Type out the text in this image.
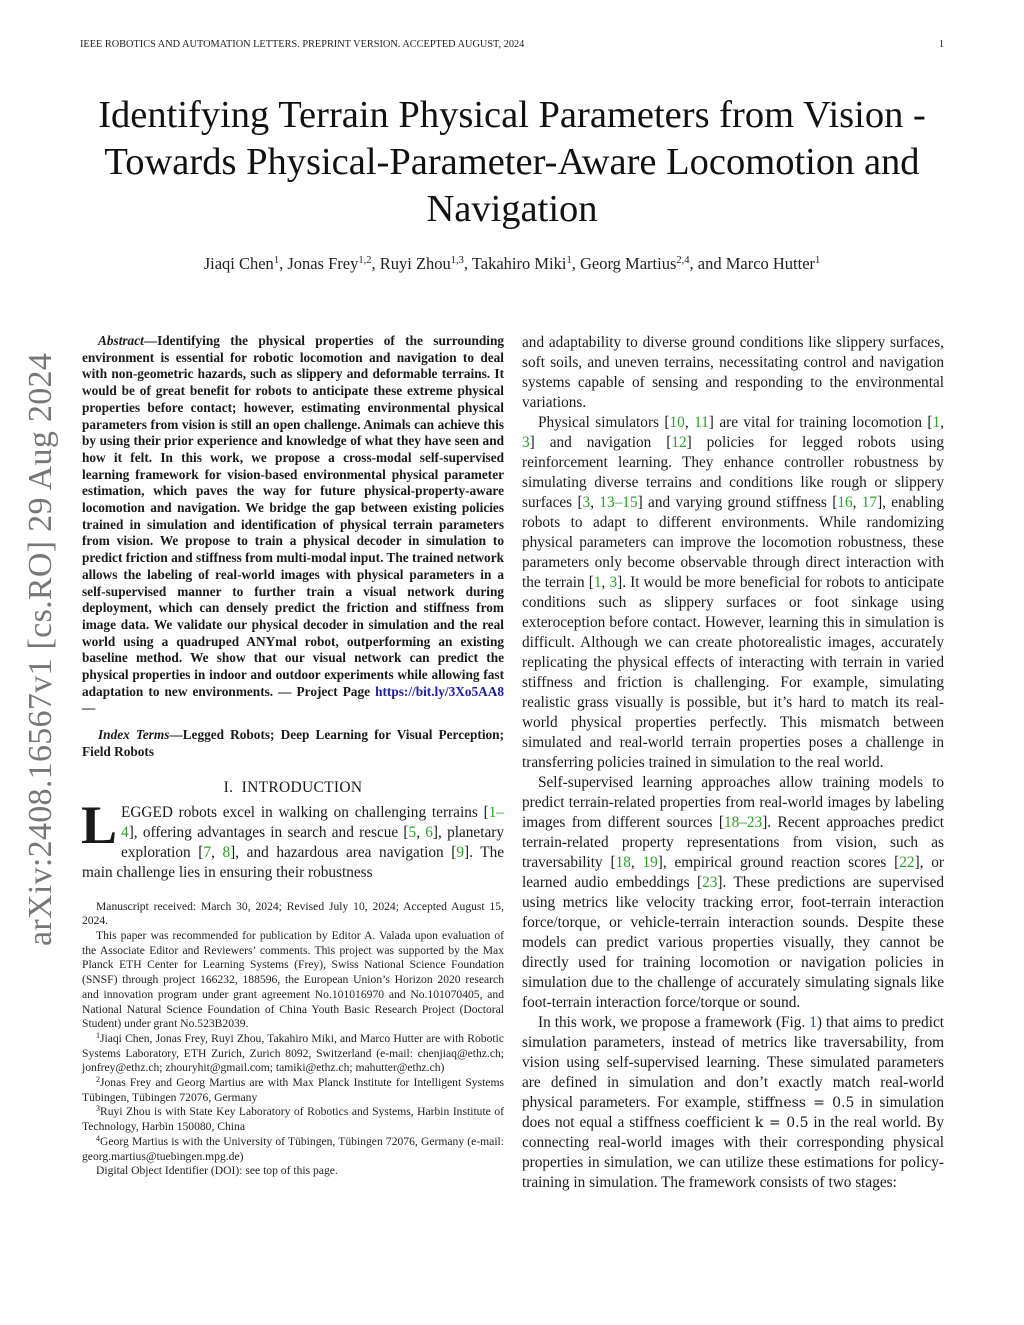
IEEE ROBOTICS AND AUTOMATION LETTERS. PREPRINT VERSION. ACCEPTED AUGUST, 2024	1
Identifying Terrain Physical Parameters from Vision - Towards Physical-Parameter-Aware Locomotion and Navigation
Jiaqi Chen$^1$, Jonas Frey$^{1,2}$, Ruyi Zhou$^{1,3}$, Takahiro Miki$^1$, Georg Martius$^{2,4}$, and Marco Hutter$^1$
arXiv:2408.16567v1 [cs.RO] 29 Aug 2024

Abstract—Identifying the physical properties of the surrounding environment is essential for robotic locomotion and navigation to deal with non-geometric hazards, such as slippery and deformable terrains. It would be of great benefit for robots to anticipate these extreme physical properties before contact; however, estimating environmental physical parameters from vision is still an open challenge. Animals can achieve this by using their prior experience and knowledge of what they have seen and how it felt. In this work, we propose a cross-modal self-supervised learning framework for vision-based environmental physical parameter estimation, which paves the way for future physical-property-aware locomotion and navigation. We bridge the gap between existing policies trained in simulation and identification of physical terrain parameters from vision. We propose to train a physical decoder in simulation to predict friction and stiffness from multi-modal input. The trained network allows the labeling of real-world images with physical parameters in a self-supervised manner to further train a visual network during deployment, which can densely predict the friction and stiffness from image data. We validate our physical decoder in simulation and the real world using a quadruped ANYmal robot, outperforming an existing baseline method. We show that our visual network can predict the physical properties in indoor and outdoor experiments while allowing fast adaptation to new environments. — Project Page https://bit.ly/3Xo5AA8 —

Index Terms—Legged Robots; Deep Learning for Visual Perception; Field Robots

I. INTRODUCTION

LEGGED robots excel in walking on challenging terrains [1–4], offering advantages in search and rescue [5, 6], planetary exploration [7, 8], and hazardous area navigation [9]. The main challenge lies in ensuring their robustness

Manuscript received: March 30, 2024; Revised July 10, 2024; Accepted August 15, 2024.

This paper was recommended for publication by Editor A. Valada upon evaluation of the Associate Editor and Reviewers’ comments. This project was supported by the Max Planck ETH Center for Learning Systems (Frey), Swiss National Science Foundation (SNSF) through project 166232, 188596, the European Union’s Horizon 2020 research and innovation program under grant agreement No.101016970 and No.101070405, and National Natural Science Foundation of China Youth Basic Research Project (Doctoral Student) under grant No.523B2039.

$^1$Jiaqi Chen, Jonas Frey, Ruyi Zhou, Takahiro Miki, and Marco Hutter are with Robotic Systems Laboratory, ETH Zurich, Zurich 8092, Switzerland (e-mail: chenjiaq@ethz.ch; jonfrey@ethz.ch; zhouryhit@gmail.com; tamiki@ethz.ch; mahutter@ethz.ch)

$^2$Jonas Frey and Georg Martius are with Max Planck Institute for Intelligent Systems Tübingen, Tübingen 72076, Germany

$^3$Ruyi Zhou is with State Key Laboratory of Robotics and Systems, Harbin Institute of Technology, Harbin 150080, China

$^4$Georg Martius is with the University of Tübingen, Tübingen 72076, Germany (e-mail: georg.martius@tuebingen.mpg.de)

Digital Object Identifier (DOI): see top of this page.

and adaptability to diverse ground conditions like slippery surfaces, soft soils, and uneven terrains, necessitating control and navigation systems capable of sensing and responding to the environmental variations.

Physical simulators [10, 11] are vital for training locomotion [1, 3] and navigation [12] policies for legged robots using reinforcement learning. They enhance controller robustness by simulating diverse terrains and conditions like rough or slippery surfaces [3, 13–15] and varying ground stiffness [16, 17], enabling robots to adapt to different environments. While randomizing physical parameters can improve the locomotion robustness, these parameters only become observable through direct interaction with the terrain [1, 3]. It would be more beneficial for robots to anticipate conditions such as slippery surfaces or foot sinkage using exteroception before contact. However, learning this in simulation is difficult. Although we can create photorealistic images, accurately replicating the physical effects of interacting with terrain in varied stiffness and friction is challenging. For example, simulating realistic grass visually is possible, but it’s hard to match its real-world physical properties perfectly. This mismatch between simulated and real-world terrain properties poses a challenge in transferring policies trained in simulation to the real world.

Self-supervised learning approaches allow training models to predict terrain-related properties from real-world images by labeling images from different sources [18–23]. Recent approaches predict terrain-related property representations from vision, such as traversability [18, 19], empirical ground reaction scores [22], or learned audio embeddings [23]. These predictions are supervised using metrics like velocity tracking error, foot-terrain interaction force/torque, or vehicle-terrain interaction sounds. Despite these models can predict various properties visually, they cannot be directly used for training locomotion or navigation policies in simulation due to the challenge of accurately simulating signals like foot-terrain interaction force/torque or sound.

In this work, we propose a framework (Fig. 1) that aims to predict simulation parameters, instead of metrics like traversability, from vision using self-supervised learning. These simulated parameters are defined in simulation and don’t exactly match real-world physical parameters. For example, stiffness = 0.5 in simulation does not equal a stiffness coefficient k = 0.5 in the real world. By connecting real-world images with their corresponding physical properties in simulation, we can utilize these estimations for policy-training in simulation. The framework consists of two stages:
